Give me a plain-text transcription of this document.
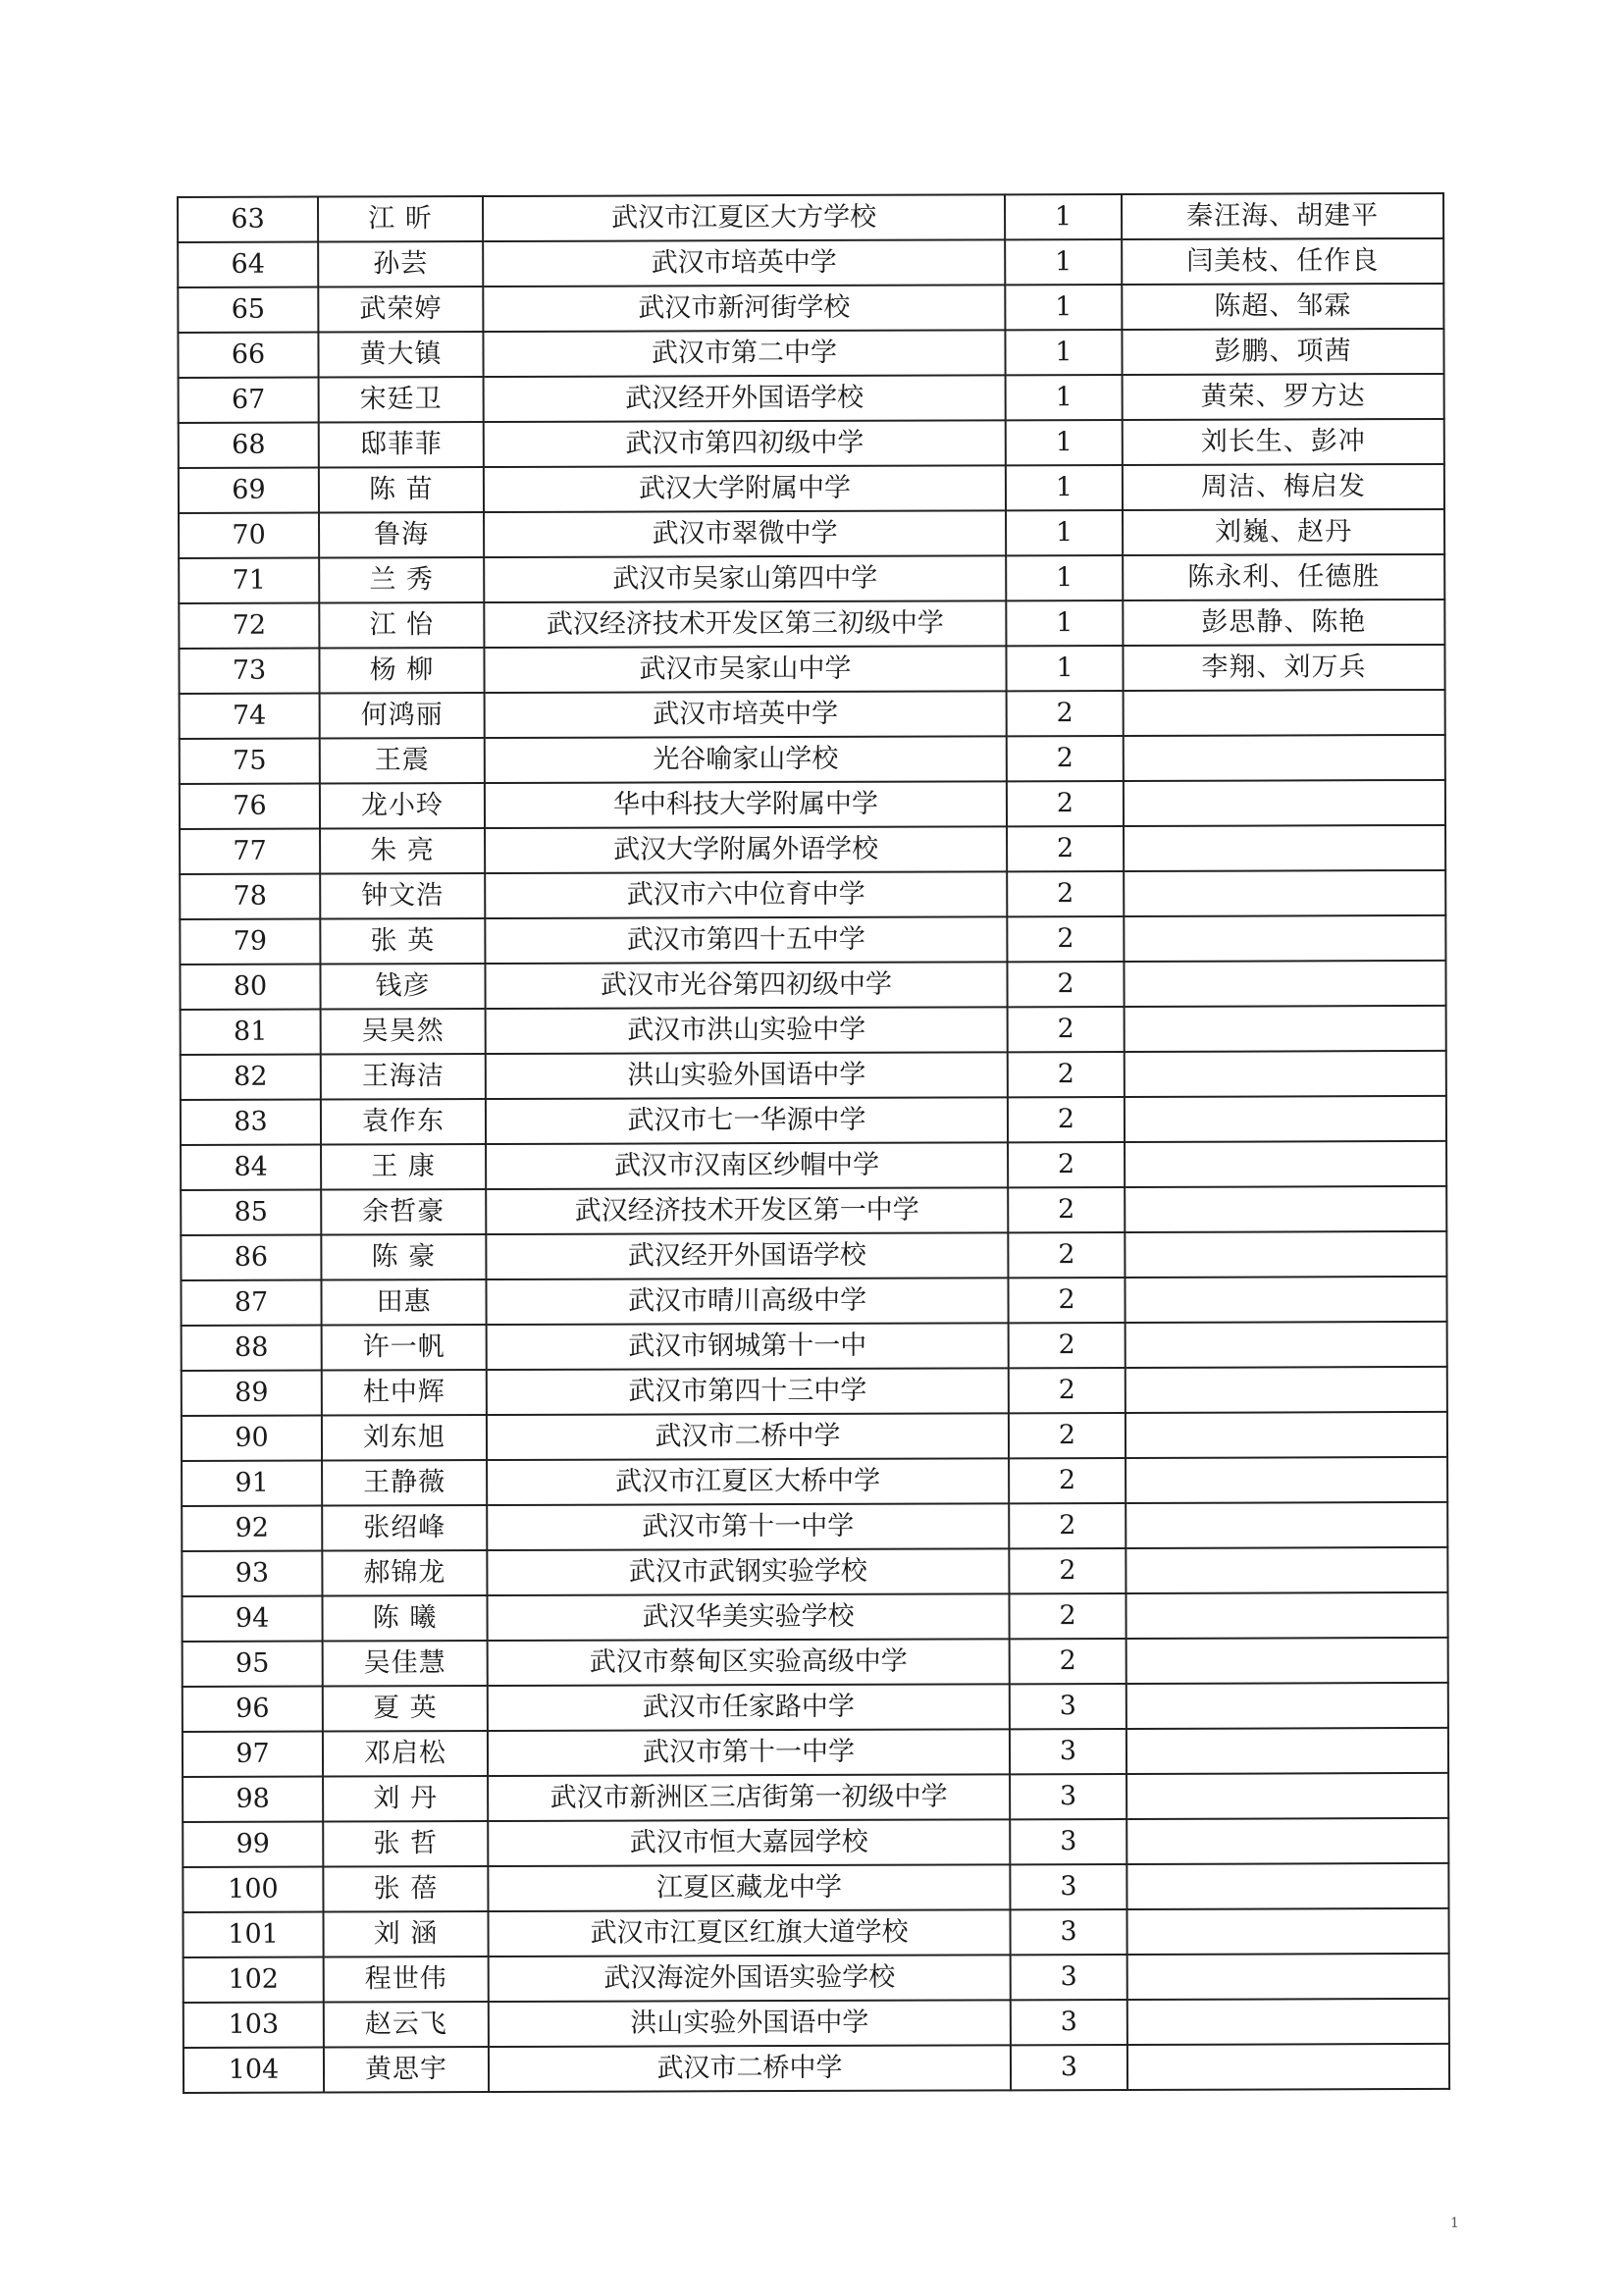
63	江 昕	武汉市江夏区大方学校	1	秦汪海、胡建平
64	孙芸	武汉市培英中学	1	闫美枝、任作良
65	武荣婷	武汉市新河街学校	1	陈超、邹霖
66	黄大镇	武汉市第二中学	1	彭鹏、项茜
67	宋廷卫	武汉经开外国语学校	1	黄荣、罗方达
68	邸菲菲	武汉市第四初级中学	1	刘长生、彭冲
69	陈 苗	武汉大学附属中学	1	周洁、梅启发
70	鲁海	武汉市翠微中学	1	刘巍、赵丹
71	兰 秀	武汉市吴家山第四中学	1	陈永利、任德胜
72	江 怡	武汉经济技术开发区第三初级中学	1	彭思静、陈艳
73	杨 柳	武汉市吴家山中学	1	李翔、刘万兵
74	何鸿丽	武汉市培英中学	2	
75	王震	光谷喻家山学校	2	
76	龙小玲	华中科技大学附属中学	2	
77	朱 亮	武汉大学附属外语学校	2	
78	钟文浩	武汉市六中位育中学	2	
79	张 英	武汉市第四十五中学	2	
80	钱彦	武汉市光谷第四初级中学	2	
81	吴昊然	武汉市洪山实验中学	2	
82	王海洁	洪山实验外国语中学	2	
83	袁作东	武汉市七一华源中学	2	
84	王 康	武汉市汉南区纱帽中学	2	
85	余哲豪	武汉经济技术开发区第一中学	2	
86	陈 豪	武汉经开外国语学校	2	
87	田惠	武汉市晴川高级中学	2	
88	许一帆	武汉市钢城第十一中	2	
89	杜中辉	武汉市第四十三中学	2	
90	刘东旭	武汉市二桥中学	2	
91	王静薇	武汉市江夏区大桥中学	2	
92	张绍峰	武汉市第十一中学	2	
93	郝锦龙	武汉市武钢实验学校	2	
94	陈 曦	武汉华美实验学校	2	
95	吴佳慧	武汉市蔡甸区实验高级中学	2	
96	夏 英	武汉市任家路中学	3	
97	邓启松	武汉市第十一中学	3	
98	刘 丹	武汉市新洲区三店街第一初级中学	3	
99	张 哲	武汉市恒大嘉园学校	3	
100	张 蓓	江夏区藏龙中学	3	
101	刘 涵	武汉市江夏区红旗大道学校	3	
102	程世伟	武汉海淀外国语实验学校	3	
103	赵云飞	洪山实验外国语中学	3	
104	黄思宇	武汉市二桥中学	3	
1
